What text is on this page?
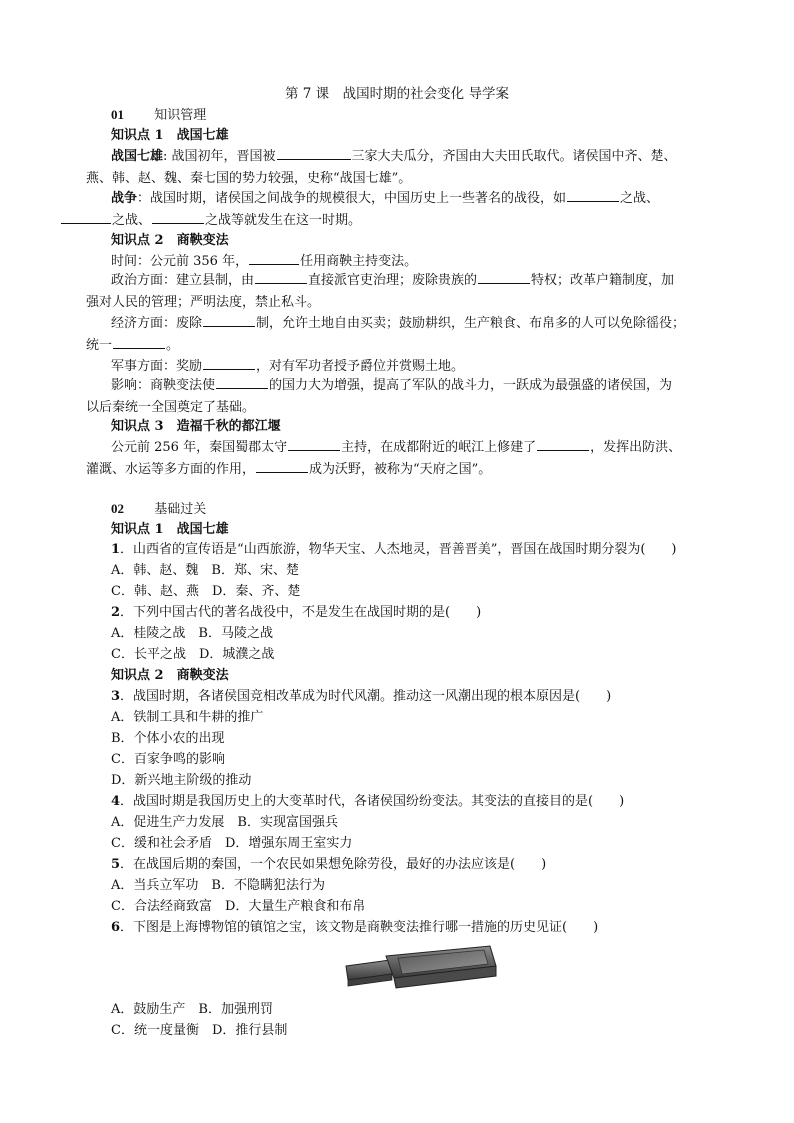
第 7 课　战国时期的社会变化 导学案
01 知识管理
知识点 1　战国七雄
战国七雄: 战国初年，晋国被	三家大夫瓜分，齐国由大夫田氏取代。诸侯国中齐、楚、
燕、韩、赵、魏、秦七国的势力较强，史称“战国七雄”。
战争：战国时期，诸侯国之间战争的规模很大，中国历史上一些著名的战役，如	之战、
之战、	之战等就发生在这一时期。
知识点 2　商鞅变法
时间：公元前 356 年，	任用商鞅主持变法。
政治方面：建立县制，由	直接派官吏治理；废除贵族的	特权；改革户籍制度，加
强对人民的管理；严明法度，禁止私斗。
经济方面：废除	制，允许土地自由买卖；鼓励耕织，生产粮食、布帛多的人可以免除徭役；
统一	。
军事方面：奖励	，对有军功者授予爵位并赏赐土地。
影响：商鞅变法使	的国力大为增强，提高了军队的战斗力，一跃成为最强盛的诸侯国，为
以后秦统一全国奠定了基础。
知识点 3　造福千秋的都江堰
公元前 256 年，秦国蜀郡太守	主持，在成都附近的岷江上修建了	，发挥出防洪、
灌溉、水运等多方面的作用，	成为沃野，被称为“天府之国”。
02 基础过关
知识点 1　战国七雄
1．山西省的宣传语是“山西旅游，物华天宝、人杰地灵，晋善晋美”，晋国在战国时期分裂为(　　)
A．韩、赵、魏　B．郑、宋、楚
C．韩、赵、燕　D．秦、齐、楚
2．下列中国古代的著名战役中，不是发生在战国时期的是(　　)
A．桂陵之战　B．马陵之战
C．长平之战　D．城濮之战
知识点 2　商鞅变法
3．战国时期，各诸侯国竞相改革成为时代风潮。推动这一风潮出现的根本原因是(　　)
A．铁制工具和牛耕的推广
B．个体小农的出现
C．百家争鸣的影响
D．新兴地主阶级的推动
4．战国时期是我国历史上的大变革时代，各诸侯国纷纷变法。其变法的直接目的是(　　)
A．促进生产力发展　B．实现富国强兵
C．缓和社会矛盾　D．增强东周王室实力
5．在战国后期的秦国，一个农民如果想免除劳役，最好的办法应该是(　　)
A．当兵立军功　B．不隐瞒犯法行为
C．合法经商致富　D．大量生产粮食和布帛
6．下图是上海博物馆的镇馆之宝，该文物是商鞅变法推行哪一措施的历史见证(　　)
A．鼓励生产　B．加强刑罚
C．统一度量衡　D．推行县制
